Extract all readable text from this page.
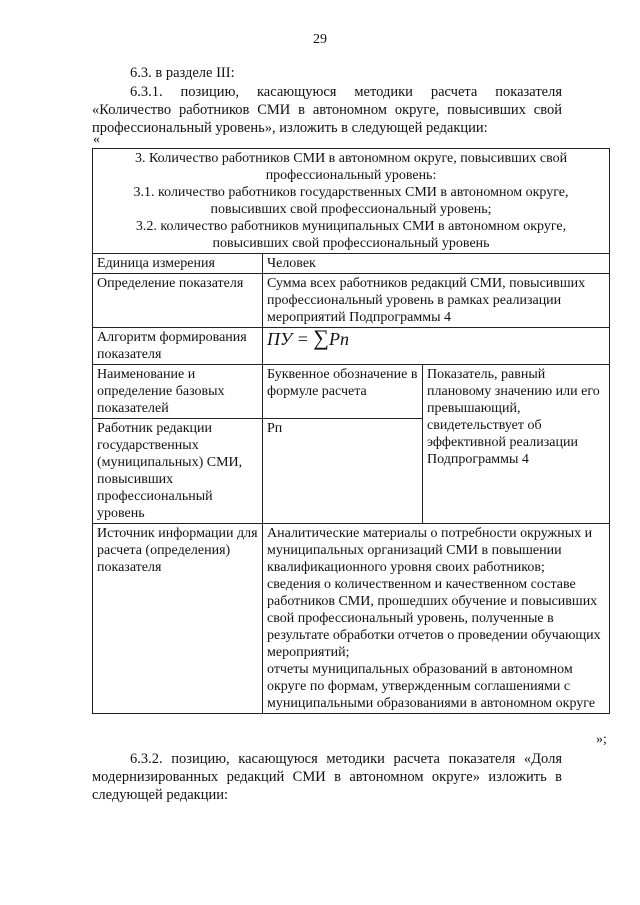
29
6.3. в разделе III:
6.3.1. позицию, касающуюся методики расчета показателя «Количество работников СМИ в автономном округе, повысивших свой профессиональный уровень», изложить в следующей редакции:
«
3. Количество работников СМИ в автономном округе, повысивших свой профессиональный уровень:
3.1. количество работников государственных СМИ в автономном округе, повысивших свой профессиональный уровень;
3.2. количество работников муниципальных СМИ в автономном округе, повысивших свой профессиональный уровень		

Единица измерения	Человек	
Определение показателя	Сумма всех работников редакций СМИ, повысивших профессиональный уровень в рамках реализации мероприятий Подпрограммы 4	
Алгоритм формирования показателя	ПУ = ∑Pn	
Наименование и определение базовых показателей	Буквенное обозначение в формуле расчета	Показатель, равный плановому значению или его превышающий, свидетельствует об эффективной реализации Подпрограммы 4
Работник редакции государственных (муниципальных) СМИ, повысивших профессиональный уровень	Рп	
Источник информации для расчета (определения) показателя	Аналитические материалы о потребности окружных и муниципальных организаций СМИ в повышении квалификационного уровня своих работников;
сведения о количественном и качественном составе работников СМИ, прошедших обучение и повысивших свой профессиональный уровень, полученные в результате обработки отчетов о проведении обучающих мероприятий;
отчеты муниципальных образований в автономном округе по формам, утвержденным соглашениями с муниципальными образованиями в автономном округе	
»;
6.3.2. позицию, касающуюся методики расчета показателя «Доля модернизированных редакций СМИ в автономном округе» изложить в следующей редакции:
